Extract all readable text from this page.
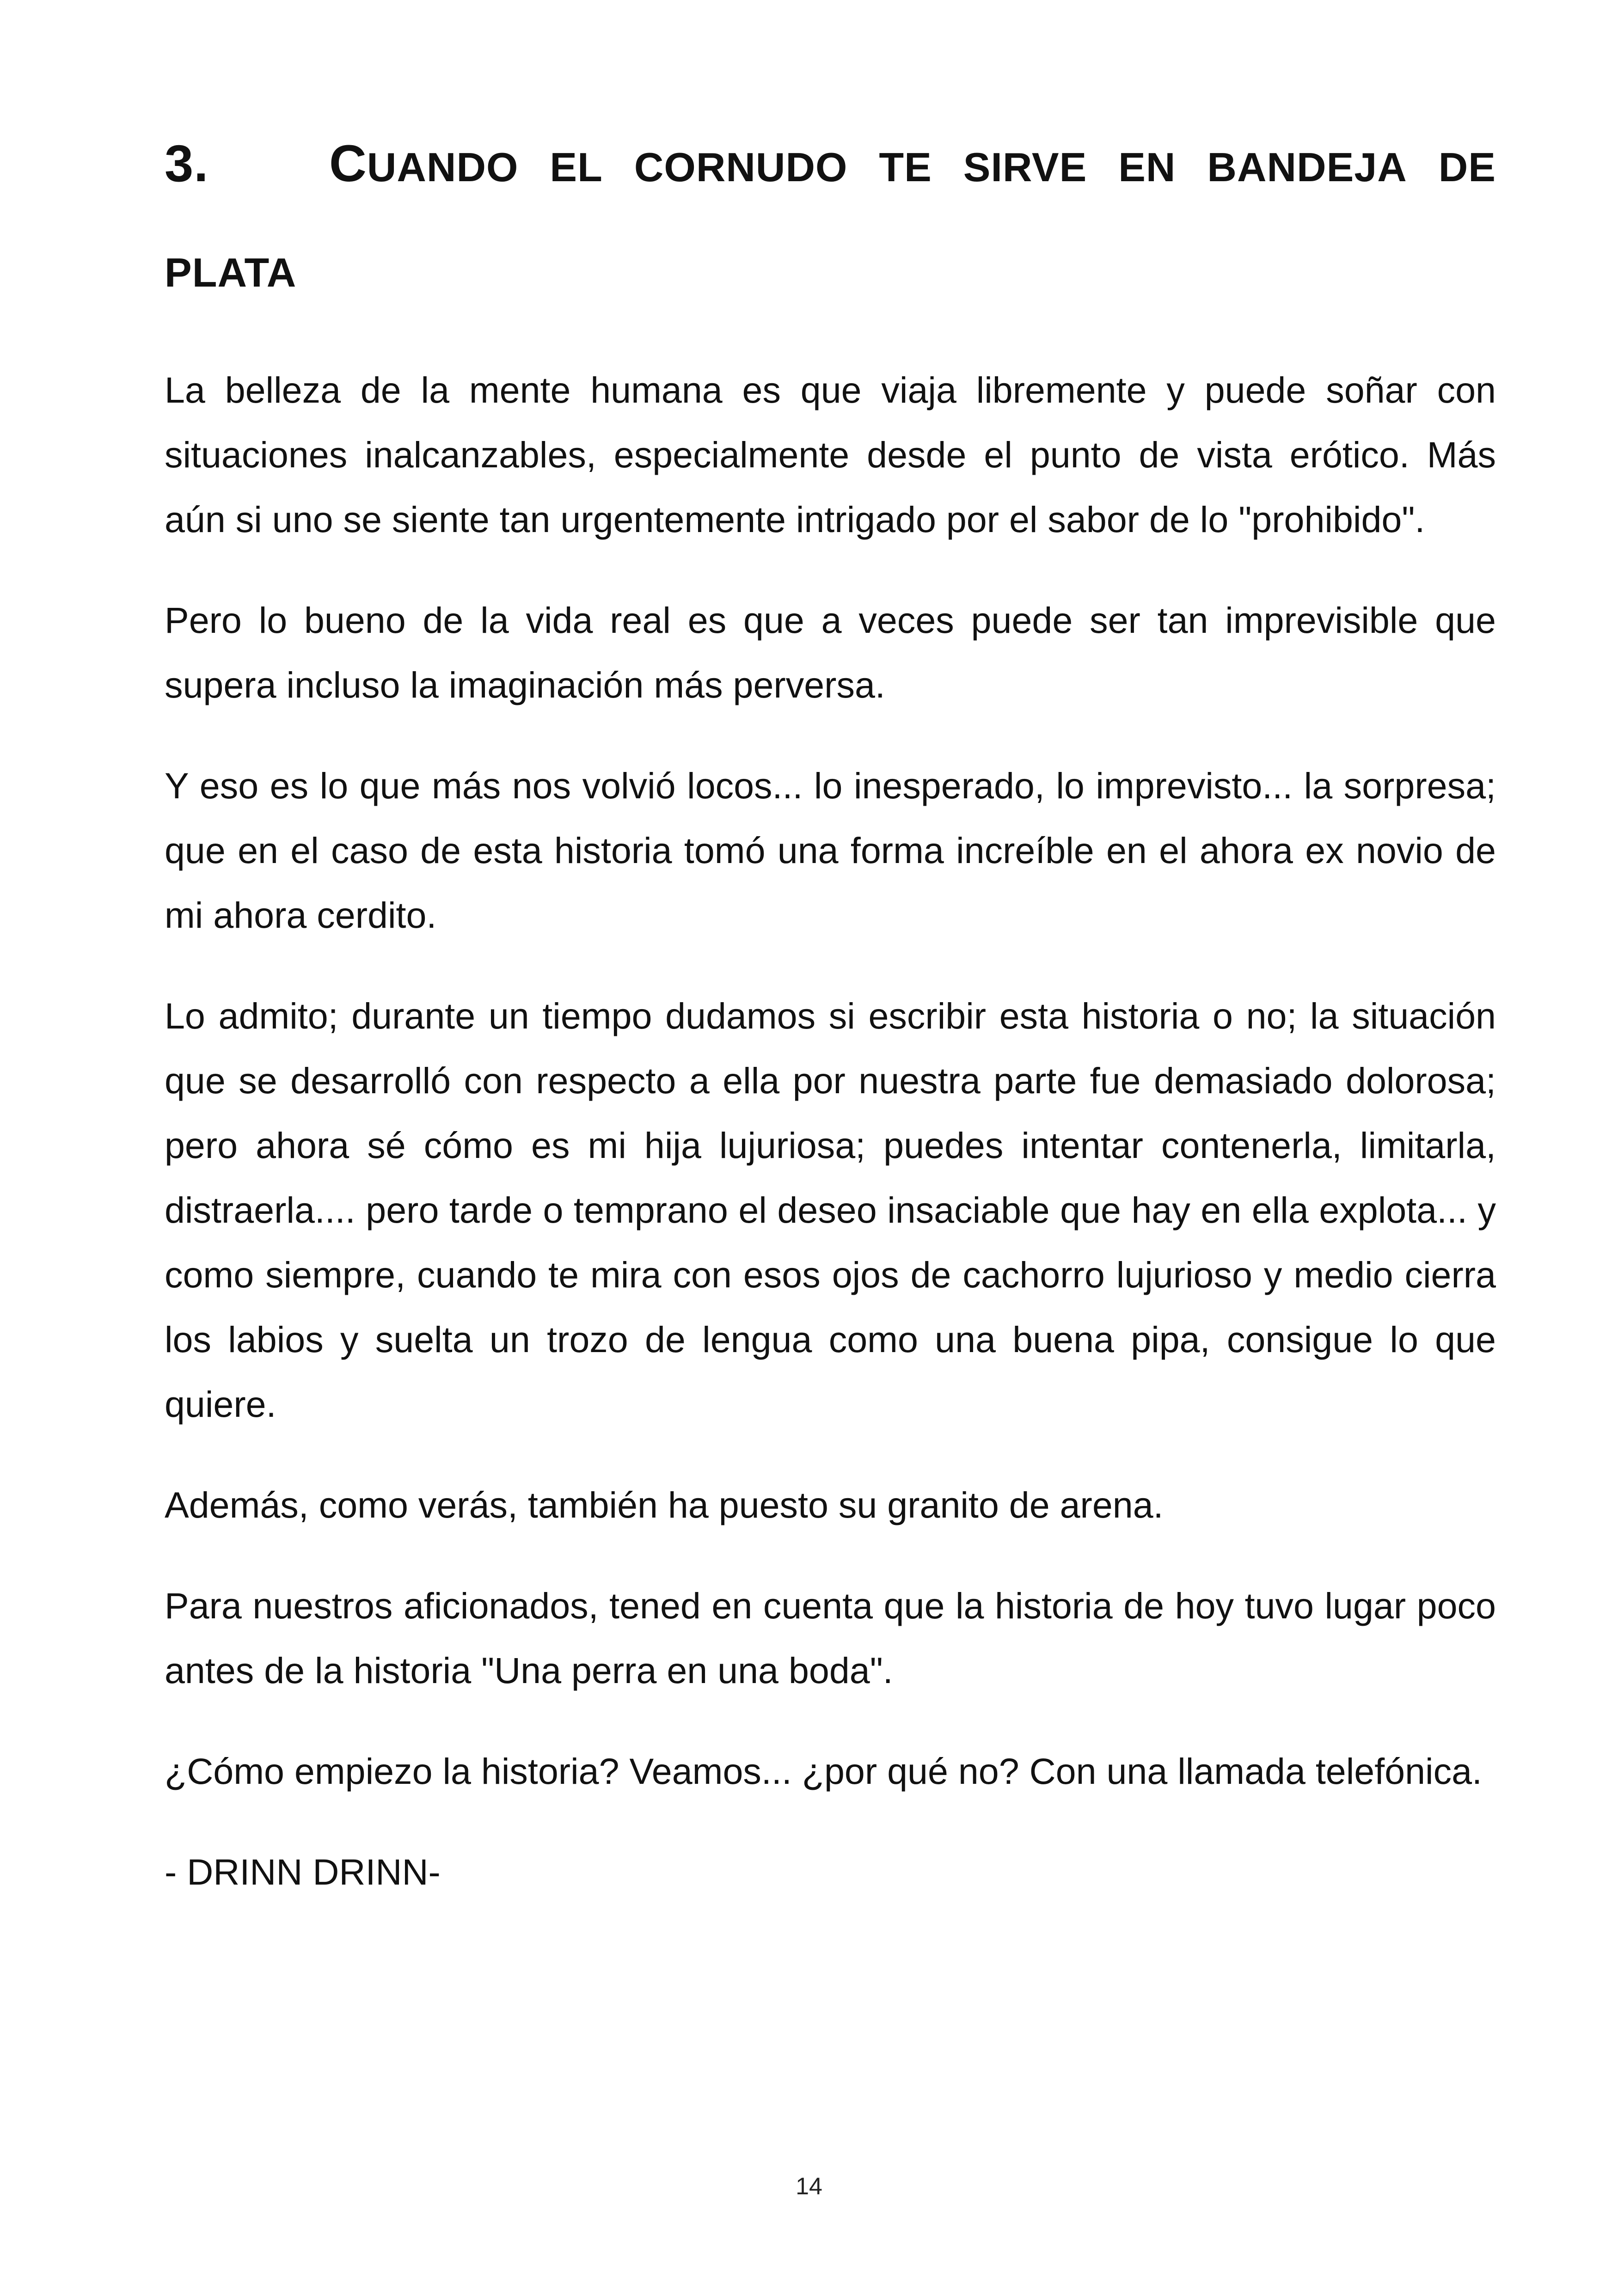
3.	CUANDO EL CORNUDO TE SIRVE EN BANDEJA DE
PLATA

La belleza de la mente humana es que viaja libremente y puede soñar con situaciones inalcanzables, especialmente desde el punto de vista erótico. Más aún si uno se siente tan urgentemente intrigado por el sabor de lo "prohibido".

Pero lo bueno de la vida real es que a veces puede ser tan imprevisible que supera incluso la imaginación más perversa.

Y eso es lo que más nos volvió locos... lo inesperado, lo imprevisto... la sorpresa; que en el caso de esta historia tomó una forma increíble en el ahora ex novio de mi ahora cerdito.

Lo admito; durante un tiempo dudamos si escribir esta historia o no; la situación que se desarrolló con respecto a ella por nuestra parte fue demasiado dolorosa; pero ahora sé cómo es mi hija lujuriosa; puedes intentar contenerla, limitarla, distraerla.... pero tarde o temprano el deseo insaciable que hay en ella explota... y como siempre, cuando te mira con esos ojos de cachorro lujurioso y medio cierra los labios y suelta un trozo de lengua como una buena pipa, consigue lo que quiere.

Además, como verás, también ha puesto su granito de arena.

Para nuestros aficionados, tened en cuenta que la historia de hoy tuvo lugar poco antes de la historia "Una perra en una boda".

¿Cómo empiezo la historia? Veamos... ¿por qué no? Con una llamada telefónica.

- DRINN DRINN-

14
